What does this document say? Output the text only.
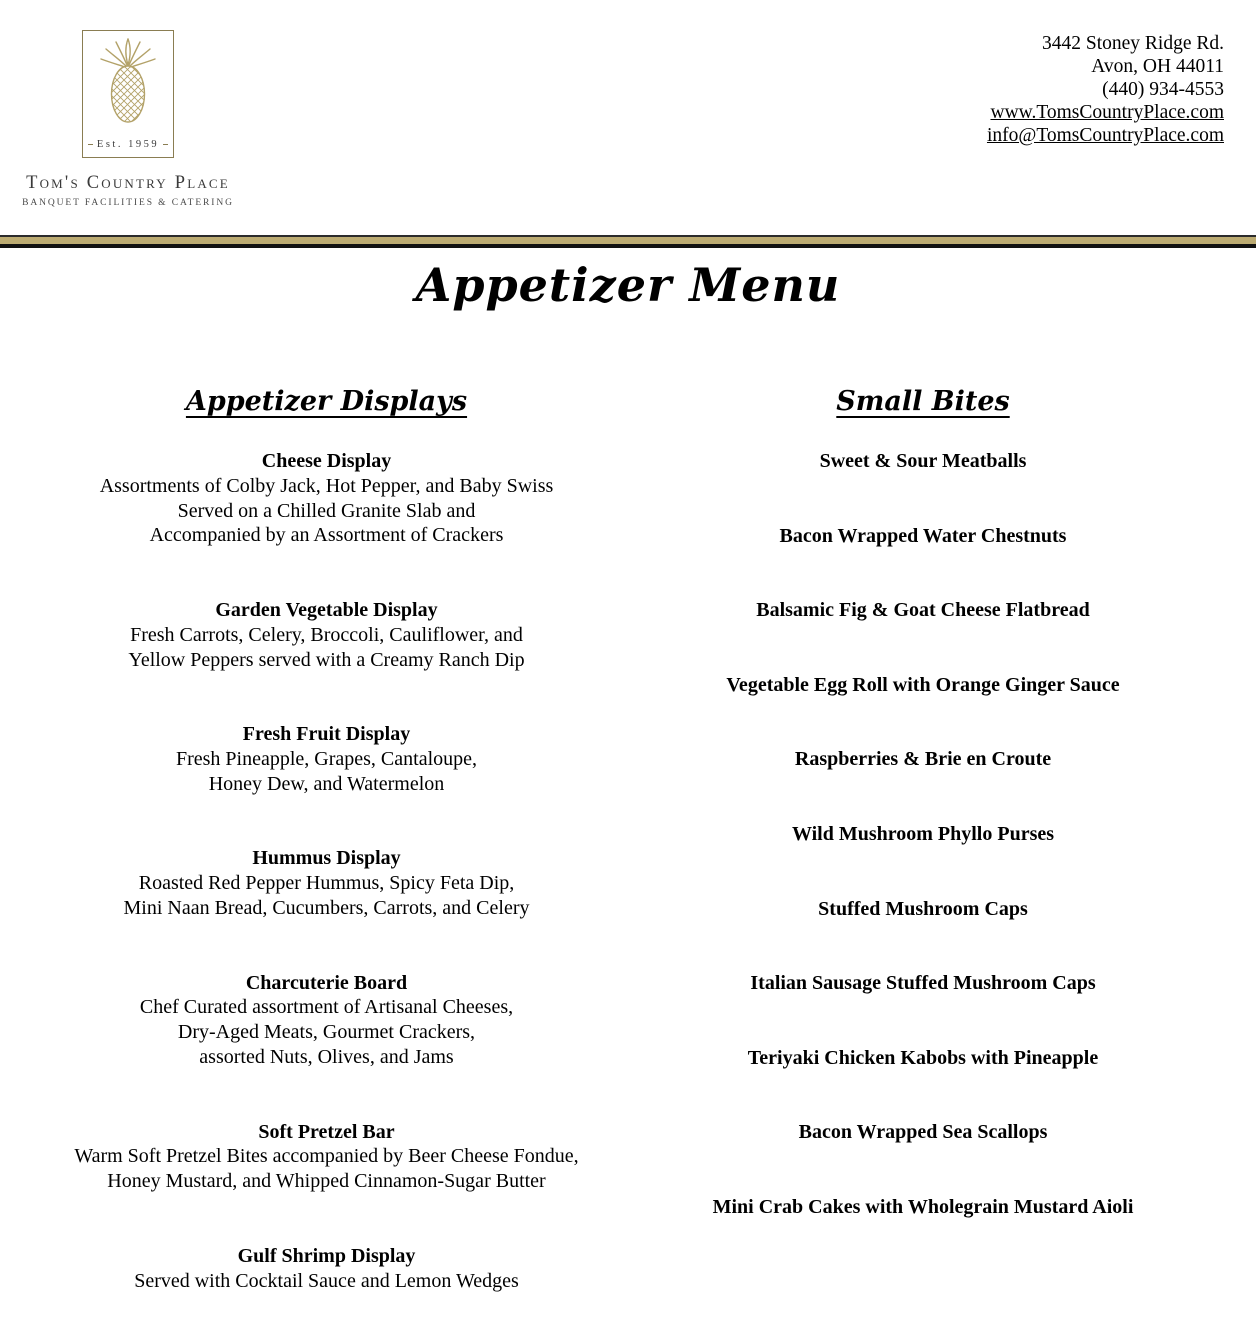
Est. 1959
Tom's Country Place
BANQUET FACILITIES & CATERING
3442 Stoney Ridge Rd.
Avon, OH 44011
(440) 934-4553
www.TomsCountryPlace.com
info@TomsCountryPlace.com
Appetizer Menu
Appetizer Displays
Cheese Display
Assortments of Colby Jack, Hot Pepper, and Baby Swiss
Served on a Chilled Granite Slab and
Accompanied by an Assortment of Crackers
Garden Vegetable Display
Fresh Carrots, Celery, Broccoli, Cauliflower, and
Yellow Peppers served with a Creamy Ranch Dip
Fresh Fruit Display
Fresh Pineapple, Grapes, Cantaloupe,
Honey Dew, and Watermelon
Hummus Display
Roasted Red Pepper Hummus, Spicy Feta Dip,
Mini Naan Bread, Cucumbers, Carrots, and Celery
Charcuterie Board
Chef Curated assortment of Artisanal Cheeses,
Dry-Aged Meats, Gourmet Crackers,
assorted Nuts, Olives, and Jams
Soft Pretzel Bar
Warm Soft Pretzel Bites accompanied by Beer Cheese Fondue,
Honey Mustard, and Whipped Cinnamon-Sugar Butter
Gulf Shrimp Display
Served with Cocktail Sauce and Lemon Wedges
Small Bites
Sweet & Sour Meatballs
Bacon Wrapped Water Chestnuts
Balsamic Fig & Goat Cheese Flatbread
Vegetable Egg Roll with Orange Ginger Sauce
Raspberries & Brie en Croute
Wild Mushroom Phyllo Purses
Stuffed Mushroom Caps
Italian Sausage Stuffed Mushroom Caps
Teriyaki Chicken Kabobs with Pineapple
Bacon Wrapped Sea Scallops
Mini Crab Cakes with Wholegrain Mustard Aioli
